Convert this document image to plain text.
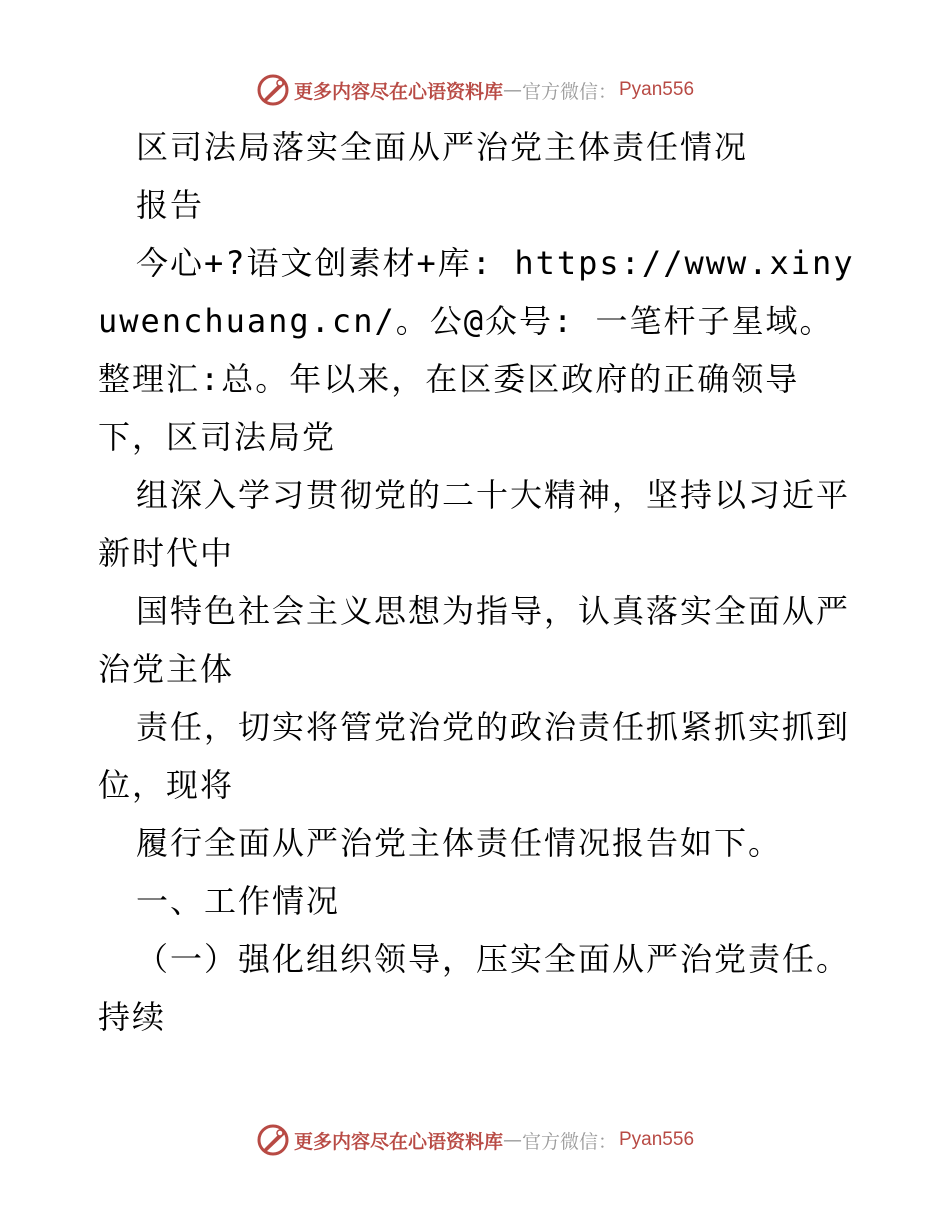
更多内容尽在心语资料库 — 官方微信： Pyan556

区司法局落实全面从严治党主体责任情况

报告

今心+?语文创素材+库: https://www.xinyuwenchuang.cn/。公@众号: 一笔杆子星域。整理汇:总。年以来，在区委区政府的正确领导下，区司法局党

组深入学习贯彻党的二十大精神，坚持以习近平新时代中

国特色社会主义思想为指导，认真落实全面从严治党主体

责任，切实将管党治党的政治责任抓紧抓实抓到位，现将

履行全面从严治党主体责任情况报告如下。

一、工作情况

（一）强化组织领导，压实全面从严治党责任。持续

更多内容尽在心语资料库 — 官方微信： Pyan556
